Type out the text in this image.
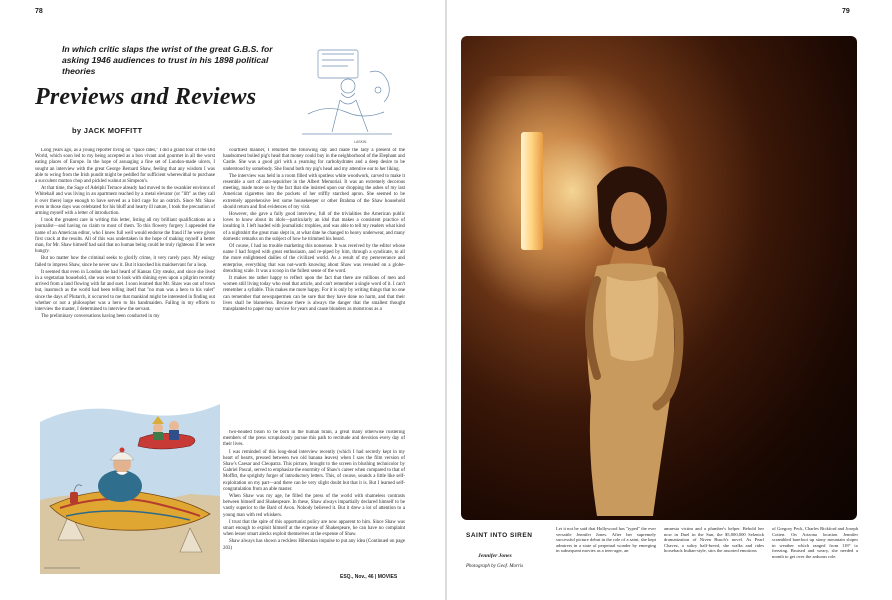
78
In which critic slaps the wrist of the great G.B.S. for asking 1946 audiences to trust in his 1898 political theories
LASKIN
Previews and Reviews
by JACK MOFFITT

Long years ago, as a young reporter living on "space rates," I did a grand tour of the Old World, which soon led to my being accepted as a bon vivant and gourmet in all the worst eating places of Europe. In the hope of assuaging a fine set of London-made ulcers, I sought an interview with the great George Bernard Shaw, feeling that any wisdom I was able to wring from the Irish pundit might be peddled for sufficient wherewithal to purchase a succulent mutton chop and pickled walnut at Simpson's.

At that time, the Sage of Adelphi Terrace already had moved to the swankier environs of Whitehall and was living in an apartment reached by a metal elevator (or "lift" as they call it over there) large enough to have served as a bird cage for an ostrich. Since Mr. Shaw even in those days was celebrated for his bluff and hearty ill nature, I took the precaution of arming myself with a letter of introduction.

I took the greatest care in writing this letter, listing all my brilliant qualifications as a journalist—and having no claim to most of them. To this flowery forgery I appended the name of an American editor, who I knew full well would endorse the fraud if he were given first crack at the results. All of this was undertaken in the hope of making myself a better man, for Mr. Shaw himself had said that no human being could be truly righteous if he were hungry.

But no matter how the criminal seeks to glorify crime, it very rarely pays. My eulogy failed to impress Shaw, since he never saw it. But it knocked his maidservant for a loop.

It seemed that even in London she had heard of Kansas City steaks, and since she lived in a vegetarian household, she was wont to look with shining eyes upon a pilgrim recently arrived from a land flowing with fat and suet. I soon learned that Mr. Shaw was out of town but, inasmuch as the world had been telling itself that "no man was a hero to his valet" since the days of Plutarch, it occurred to me that mankind might be interested in finding out whether or not a philosopher was a hero to his handmaiden. Falling in my efforts to interview the master, I determined to interview the servant.

The preliminary conversations having been conducted in my

courtliest manner, I returned the following day and made the lady a present of the handsomest boiled pig's head that money could buy in the neighborhood of the Elephant and Castle. She was a good girl with a yearning for carbohydrates and a deep desire to be understood by somebody. She found both my pig's head and my attentive ear to her liking.

The interview was held in a room filled with spotless white woodwork, carved to make it resemble a sort of auto-sepulcher in the Albert Memorial. It was an extremely decorous meeting, made more so by the fact that she insisted upon our dropping the ashes of my last American cigarettes into the pockets of her stiffly starched apron. She seemed to be extremely apprehensive lest some housekeeper or other Brahma of the Shaw household should return and find evidences of my visit.

However, she gave a fully good interview, full of the trivialities the American public loves to know about its idols—particularly an idol that makes a consistent practice of insulting it. I left loaded with journalistic trophies, and was able to tell my readers what kind of a nightshirt the great man slept in, at what date he changed to heavy underwear, and many domestic remarks on the subject of how he trimmed his beard.

Of course, I had no trouble marketing this nonsense. It was received by the editor whose name I had forged with great enthusiasm, and re-piped by him, through a syndicate, to all the more enlightened dailies of the civilized world. As a result of my perseverance and enterprise, everything that was not-worth knowing about Shaw was revealed on a globe-drenching scale. It was a scoop in the fullest sense of the word.

It makes me rather happy to reflect upon the fact that there are millions of men and women still living today who read that article, and can't remember a single word of it. I can't remember a syllable. This makes me more happy. For it is only by writing things that no one can remember that newspapermen can be sure that they have done no harm, and that their lives shall be blameless. Because there is always the danger that the smallest thought transplanted to paper may survive for years and cause blunders as monstrous as a

two-headed bison to be born in the human brain, a great many otherwise roistering members of the press scrupulously pursue this path to rectitude and devotion every day of their lives.

I was reminded of this long-dead interview recently (which I had secretly kept in my heart of hearts, pressed between two old banana leaves) when I saw the film version of Shaw's Caesar and Cleopatra. This picture, brought to the screen in blushing technicolor by Gabriel Pascal, served to emphasize the enormity of Shaw's career when compared to that of Moffitt, the sprightly forger of introductory letters. This, of course, sounds a little like self-exploitation on my part—and there can be very slight doubt but that it is. But I learned self-congratulation from an able master.

When Shaw was my age, he filled the press of the world with shameless contrasts between himself and Shakespeare. In these, Shaw always impartially declared himself to be vastly superior to the Bard of Avon. Nobody believed it. But it drew a lot of attention to a young man with red whiskers.

I trust that the spite of this opportunist policy are now apparent to him. Since Shaw was smart enough to exploit himself at the expense of Shakespeare, he can have no complaint when lesser smart alecks exploit themselves at the expense of Shaw.

Shaw always has shown a reckless Hibernian impulse to put any idea (Continued on page 203)

ESQ., Nov., 46 | MOVIES
79
SAINT INTO SIREN
Jennifer Jones
Photograph by Geof. Morris
Let it not be said that Hollywood has "typed" the ever versatile Jennifer Jones. After her supremely successful picture debut in the role of a saint, she kept admirers in a state of perpetual wonder by emerging in subsequent movies as a teen-ager, an
amnesia victim and a plumber's helper. Behold her now in Duel in the Sun, the $5,000,000 Selznick dramatization of Niven Busch's novel. As Pearl Chavez, a sultry half-breed, she walks and rides horseback Indian-style, stirs the assorted emotions
of Gregory Peck, Charles Bickford and Joseph Cotten. On Arizona location Jennifer scrambled barefoot up stony mountain slopes in weather which ranged from 118° to freezing. Bruised and weary, she needed a month to get over the arduous role.
